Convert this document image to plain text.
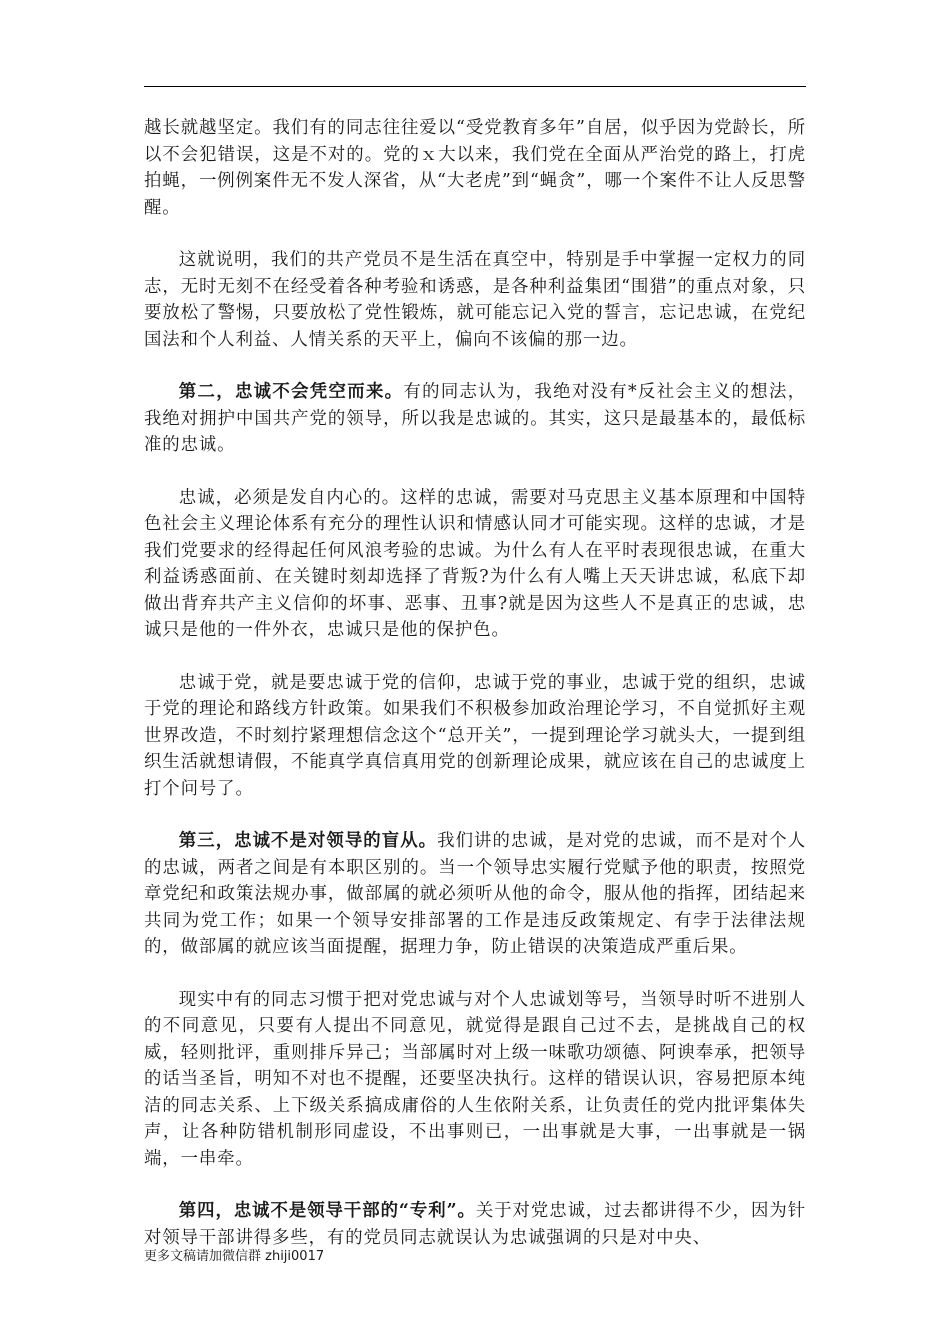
越长就越坚定。我们有的同志往往爱以“受党教育多年”自居，似乎因为党龄长，所以不会犯错误，这是不对的。党的ｘ大以来，我们党在全面从严治党的路上，打虎拍蝇，一例例案件无不发人深省，从“大老虎”到“蝇贪”，哪一个案件不让人反思警醒。

这就说明，我们的共产党员不是生活在真空中，特别是手中掌握一定权力的同志，无时无刻不在经受着各种考验和诱惑，是各种利益集团“围猎”的重点对象，只要放松了警惕，只要放松了党性锻炼，就可能忘记入党的誓言，忘记忠诚，在党纪国法和个人利益、人情关系的天平上，偏向不该偏的那一边。

第二，忠诚不会凭空而来。有的同志认为，我绝对没有*反社会主义的想法，我绝对拥护中国共产党的领导，所以我是忠诚的。其实，这只是最基本的，最低标准的忠诚。

忠诚，必须是发自内心的。这样的忠诚，需要对马克思主义基本原理和中国特色社会主义理论体系有充分的理性认识和情感认同才可能实现。这样的忠诚，才是我们党要求的经得起任何风浪考验的忠诚。为什么有人在平时表现很忠诚，在重大利益诱惑面前、在关键时刻却选择了背叛?为什么有人嘴上天天讲忠诚，私底下却做出背弃共产主义信仰的坏事、恶事、丑事?就是因为这些人不是真正的忠诚，忠诚只是他的一件外衣，忠诚只是他的保护色。

忠诚于党，就是要忠诚于党的信仰，忠诚于党的事业，忠诚于党的组织，忠诚于党的理论和路线方针政策。如果我们不积极参加政治理论学习，不自觉抓好主观世界改造，不时刻拧紧理想信念这个“总开关”，一提到理论学习就头大，一提到组织生活就想请假，不能真学真信真用党的创新理论成果，就应该在自己的忠诚度上打个问号了。

第三，忠诚不是对领导的盲从。我们讲的忠诚，是对党的忠诚，而不是对个人的忠诚，两者之间是有本职区别的。当一个领导忠实履行党赋予他的职责，按照党章党纪和政策法规办事，做部属的就必须听从他的命令，服从他的指挥，团结起来共同为党工作；如果一个领导安排部署的工作是违反政策规定、有孛于法律法规的，做部属的就应该当面提醒，据理力争，防止错误的决策造成严重后果。

现实中有的同志习惯于把对党忠诚与对个人忠诚划等号，当领导时听不进别人的不同意见，只要有人提出不同意见，就觉得是跟自己过不去，是挑战自己的权威，轻则批评，重则排斥异己；当部属时对上级一味歌功颂德、阿谀奉承，把领导的话当圣旨，明知不对也不提醒，还要坚决执行。这样的错误认识，容易把原本纯洁的同志关系、上下级关系搞成庸俗的人生依附关系，让负责任的党内批评集体失声，让各种防错机制形同虚设，不出事则已，一出事就是大事，一出事就是一锅端，一串牵。

第四，忠诚不是领导干部的“专利”。关于对党忠诚，过去都讲得不少，因为针对领导干部讲得多些，有的党员同志就误认为忠诚强调的只是对中央、

更多文稿请加微信群 zhiji0017
